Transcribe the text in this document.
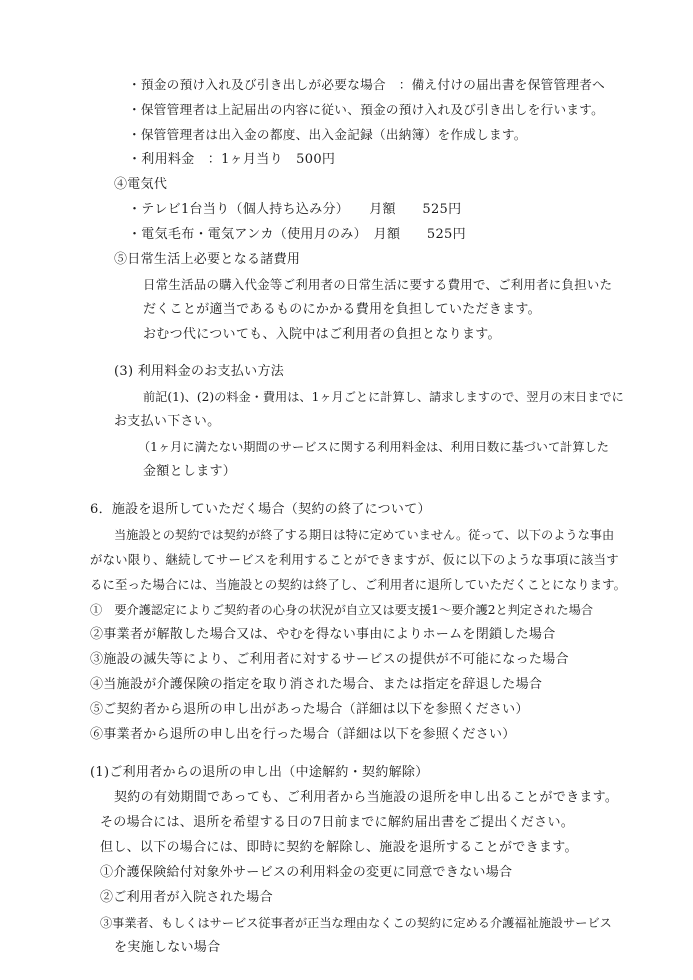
・預金の預け入れ及び引き出しが必要な場合　：備え付けの届出書を保管管理者へ
・保管管理者は上記届出の内容に従い、預金の預け入れ及び引き出しを行います。
・保管管理者は出入金の都度、出入金記録（出納簿）を作成します。
・利用料金　：1ヶ月当り　500円
④電気代
・テレビ1台当り（個人持ち込み分）　　月額　　525円
・電気毛布・電気アンカ（使用月のみ）　月額　　525円
⑤日常生活上必要となる諸費用
日常生活品の購入代金等ご利用者の日常生活に要する費用で、ご利用者に負担いた
だくことが適当であるものにかかる費用を負担していただきます。
おむつ代についても、入院中はご利用者の負担となります。
(3) 利用料金のお支払い方法
前記(1)、(2)の料金・費用は、1ヶ月ごとに計算し、請求しますので、翌月の末日までに
お支払い下さい。
（1ヶ月に満たない期間のサービスに関する利用料金は、利用日数に基づいて計算した
金額とします）
6．施設を退所していただく場合（契約の終了について）
当施設との契約では契約が終了する期日は特に定めていません。従って、以下のような事由
がない限り、継続してサービスを利用することができますが、仮に以下のような事項に該当す
るに至った場合には、当施設との契約は終了し、ご利用者に退所していただくことになります。
①　要介護認定によりご契約者の心身の状況が自立又は要支援1～要介護2と判定された場合
②事業者が解散した場合又は、やむを得ない事由によりホームを閉鎖した場合
③施設の滅失等により、ご利用者に対するサービスの提供が不可能になった場合
④当施設が介護保険の指定を取り消された場合、または指定を辞退した場合
⑤ご契約者から退所の申し出があった場合（詳細は以下を参照ください）
⑥事業者から退所の申し出を行った場合（詳細は以下を参照ください）
(1)ご利用者からの退所の申し出（中途解約・契約解除）
契約の有効期間であっても、ご利用者から当施設の退所を申し出ることができます。
その場合には、退所を希望する日の7日前までに解約届出書をご提出ください。
但し、以下の場合には、即時に契約を解除し、施設を退所することができます。
①介護保険給付対象外サービスの利用料金の変更に同意できない場合
②ご利用者が入院された場合
③事業者、もしくはサービス従事者が正当な理由なくこの契約に定める介護福祉施設サービス
を実施しない場合
